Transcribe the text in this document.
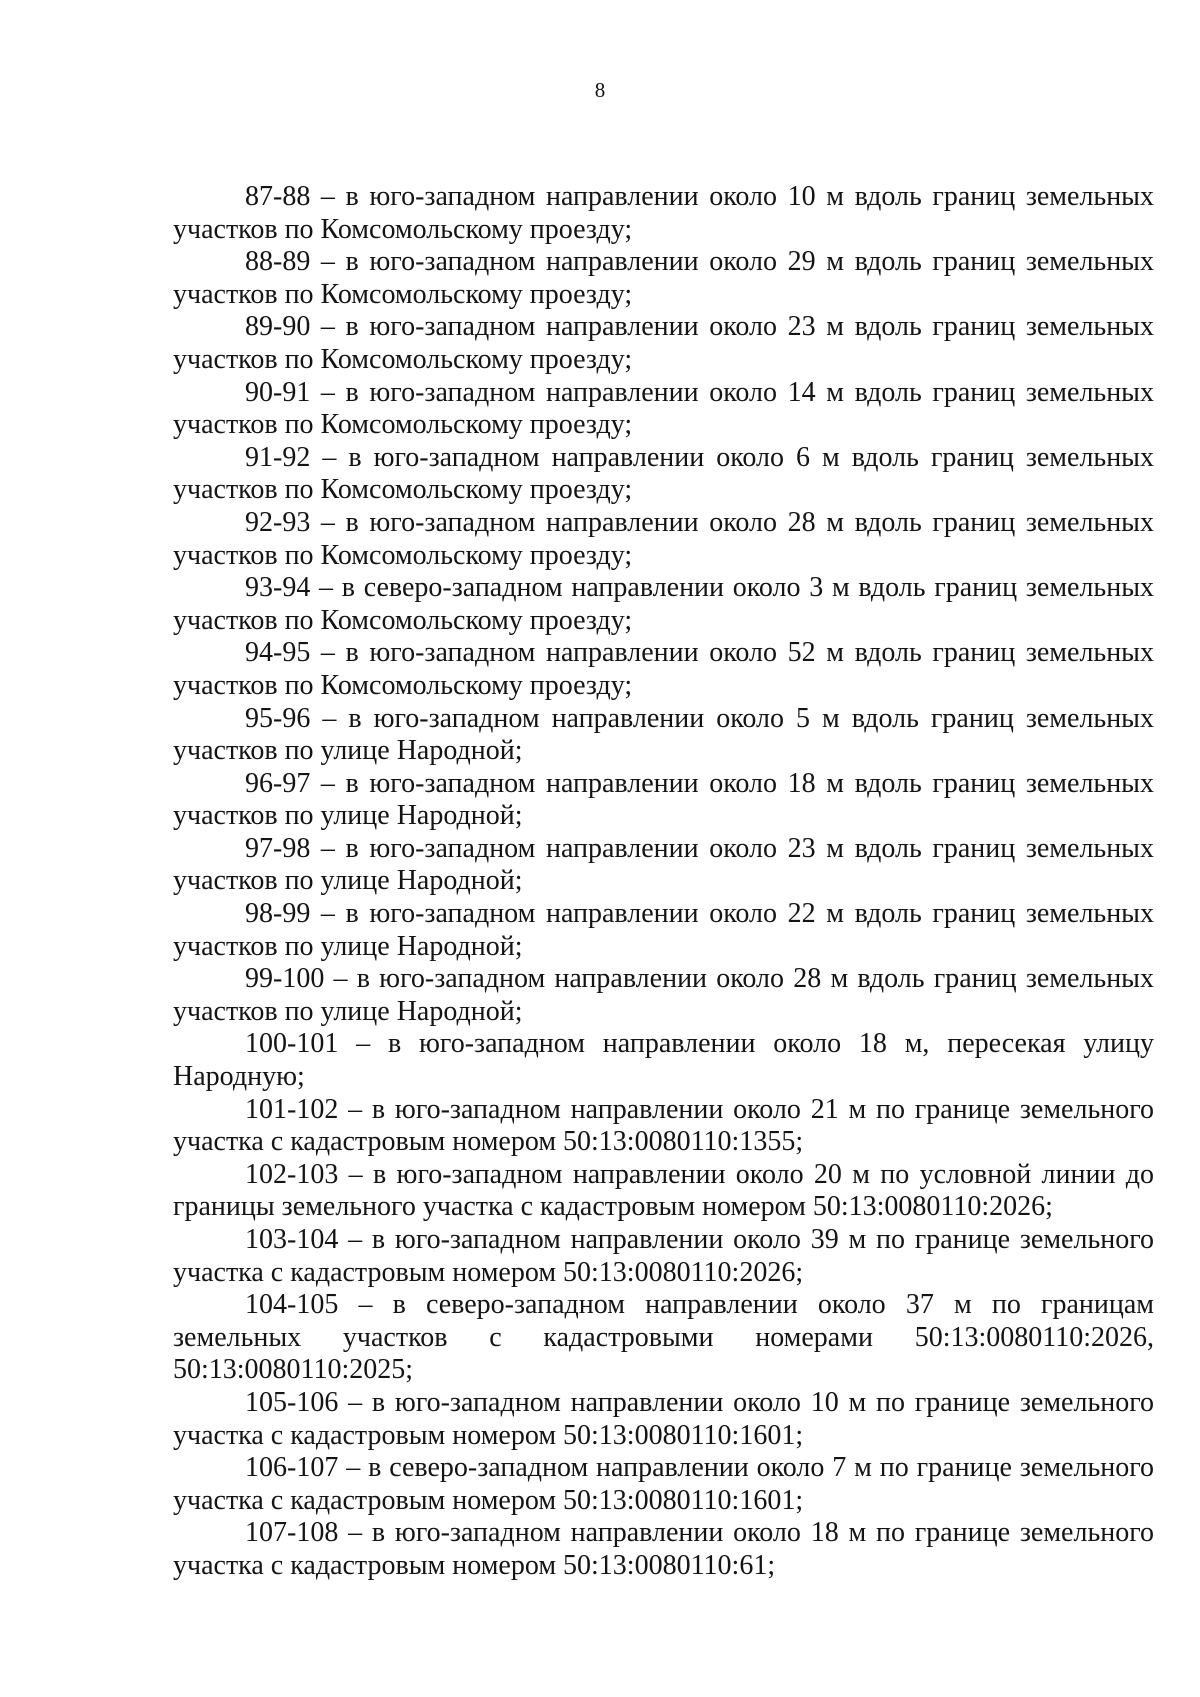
8

87-88 – в юго-западном направлении около 10 м вдоль границ земельных участков по Комсомольскому проезду;

88-89 – в юго-западном направлении около 29 м вдоль границ земельных участков по Комсомольскому проезду;

89-90 – в юго-западном направлении около 23 м вдоль границ земельных участков по Комсомольскому проезду;

90-91 – в юго-западном направлении около 14 м вдоль границ земельных участков по Комсомольскому проезду;

91-92 – в юго-западном направлении около 6 м вдоль границ земельных участков по Комсомольскому проезду;

92-93 – в юго-западном направлении около 28 м вдоль границ земельных участков по Комсомольскому проезду;

93-94 – в северо-западном направлении около 3 м вдоль границ земельных участков по Комсомольскому проезду;

94-95 – в юго-западном направлении около 52 м вдоль границ земельных участков по Комсомольскому проезду;

95-96 – в юго-западном направлении около 5 м вдоль границ земельных участков по улице Народной;

96-97 – в юго-западном направлении около 18 м вдоль границ земельных участков по улице Народной;

97-98 – в юго-западном направлении около 23 м вдоль границ земельных участков по улице Народной;

98-99 – в юго-западном направлении около 22 м вдоль границ земельных участков по улице Народной;

99-100 – в юго-западном направлении около 28 м вдоль границ земельных участков по улице Народной;

100-101 – в юго-западном направлении около 18 м, пересекая улицу Народную;

101-102 – в юго-западном направлении около 21 м по границе земельного участка с кадастровым номером 50:13:0080110:1355;

102-103 – в юго-западном направлении около 20 м по условной линии до границы земельного участка с кадастровым номером 50:13:0080110:2026;

103-104 – в юго-западном направлении около 39 м по границе земельного участка с кадастровым номером 50:13:0080110:2026;

104-105 – в северо-западном направлении около 37 м по границам земельных участков с кадастровыми номерами 50:13:0080110:2026, 50:13:0080110:2025;

105-106 – в юго-западном направлении около 10 м по границе земельного участка с кадастровым номером 50:13:0080110:1601;

106-107 – в северо-западном направлении около 7 м по границе земельного участка с кадастровым номером 50:13:0080110:1601;

107-108 – в юго-западном направлении около 18 м по границе земельного участка с кадастровым номером 50:13:0080110:61;
